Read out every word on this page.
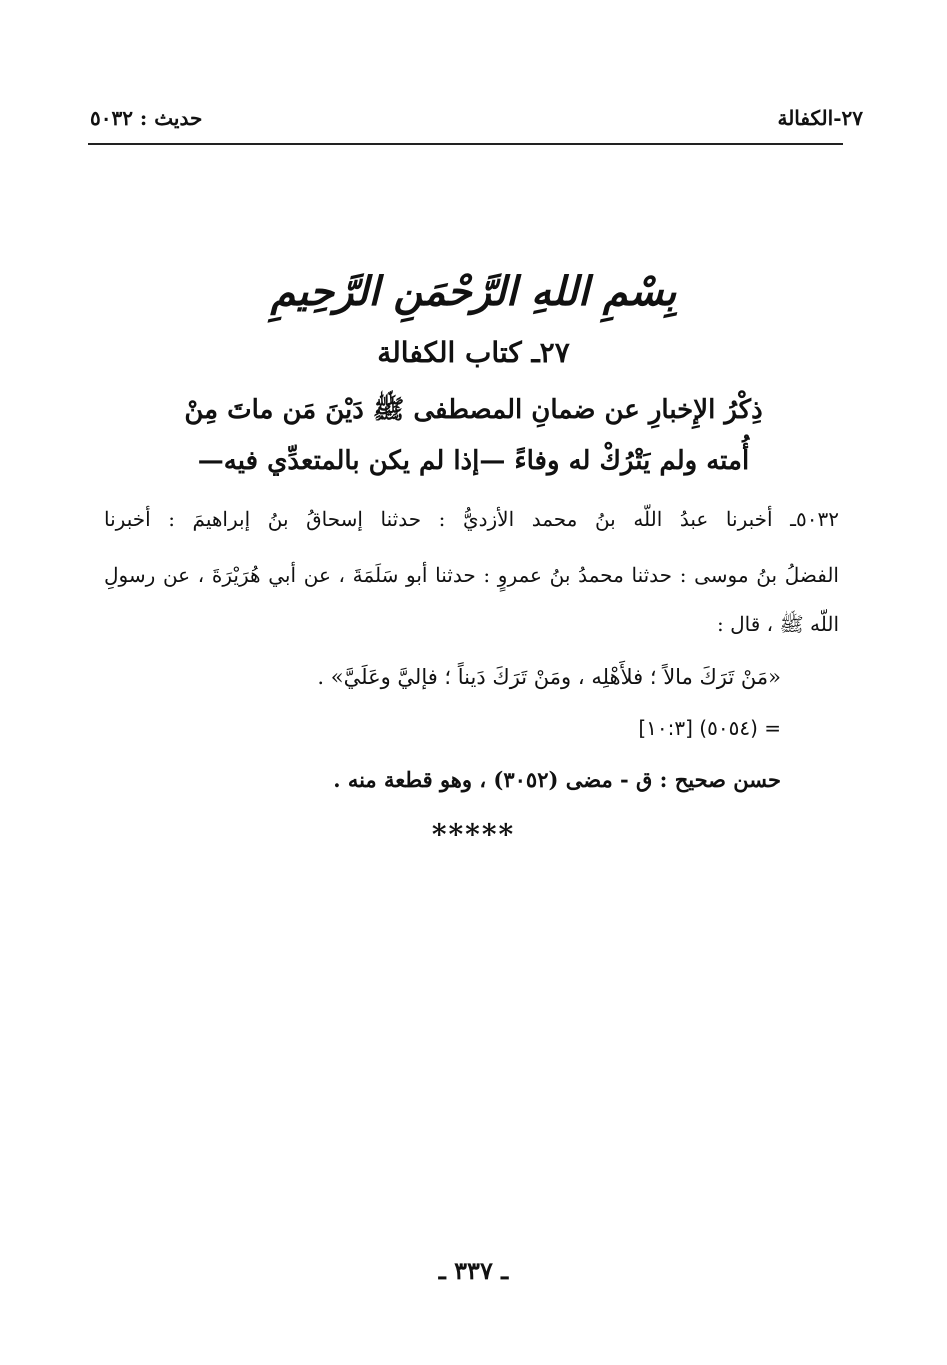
٢٧-الكفالة
حديث : ٥٠٣٢
بِسْمِ اللهِ الرَّحْمَنِ الرَّحِيمِ
٢٧ـ كتاب الكفالة
ذِكْرُ الإِخبارِ عن ضمانِ المصطفى ﷺ دَيْنَ مَن ماتَ مِنْ
أُمته ولم يَتْرُكْ له وفاءً —إذا لم يكن بالمتعدِّي فيه—
٥٠٣٢ـ أخبرنا عبدُ اللّه بنُ محمد الأزديُّ : حدثنا إسحاقُ بنُ إبراهيمَ : أخبرنا
الفضلُ بنُ موسى : حدثنا محمدُ بنُ عمروٍ : حدثنا أبو سَلَمَةَ ، عن أبي هُرَيْرَةَ ، عن رسولِ
اللّه ﷺ ، قال :
«مَنْ تَرَكَ مالاً ؛ فلأَهْلِه ، ومَنْ تَرَكَ دَيناً ؛ فإليَّ وعَلَيَّ» .
= (٥٠٥٤) [١٠:٣]
حسن صحيح : ق - مضى (٣٠٥٢) ، وهو قطعة منه .
*****
ـ ٣٣٧ ـ
